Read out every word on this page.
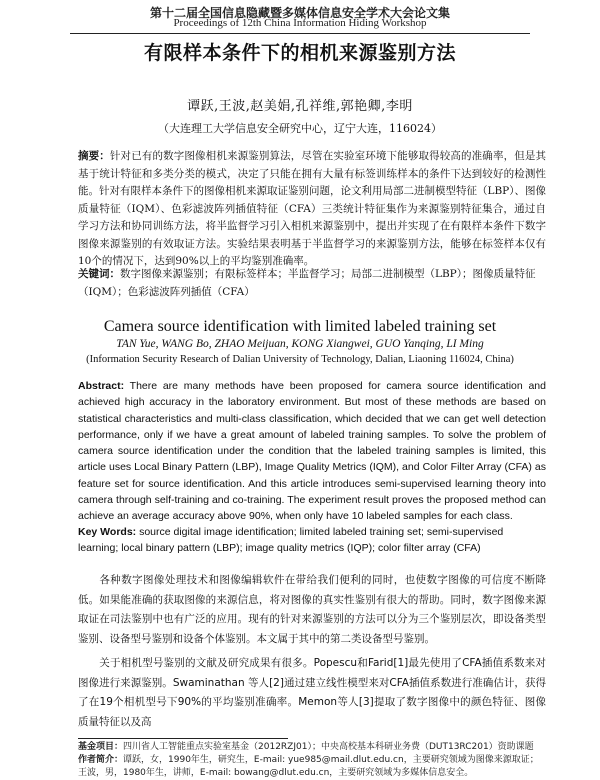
第十二届全国信息隐藏暨多媒体信息安全学术大会论文集
Proceedings of 12th China Information Hiding Workshop
有限样本条件下的相机来源鉴别方法
谭跃,王波,赵美娟,孔祥维,郭艳卿,李明
（大连理工大学信息安全研究中心，辽宁大连，116024）
摘要：针对已有的数字图像相机来源鉴别算法，尽管在实验室环境下能够取得较高的准确率，但是其基于统计特征和多类分类的模式，决定了只能在拥有大量有标签训练样本的条件下达到较好的检测性能。针对有限样本条件下的图像相机来源取证鉴别问题，论文利用局部二进制模型特征（LBP）、图像质量特征（IQM）、色彩滤波阵列插值特征（CFA）三类统计特征集作为来源鉴别特征集合，通过自学习方法和协同训练方法，将半监督学习引入相机来源鉴别中，提出并实现了在有限样本条件下数字图像来源鉴别的有效取证方法。实验结果表明基于半监督学习的来源鉴别方法，能够在标签样本仅有10个的情况下，达到90%以上的平均鉴别准确率。
关键词：数字图像来源鉴别；有限标签样本；半监督学习；局部二进制模型（LBP）；图像质量特征（IQM）；色彩滤波阵列插值（CFA）
Camera source identification with limited labeled training set
TAN Yue, WANG Bo, ZHAO Meijuan, KONG Xiangwei, GUO Yanqing, LI Ming
(Information Security Research of Dalian University of Technology, Dalian, Liaoning 116024, China)
Abstract: There are many methods have been proposed for camera source identification and achieved high accuracy in the laboratory environment. But most of these methods are based on statistical characteristics and multi-class classification, which decided that we can get well detection performance, only if we have a great amount of labeled training samples. To solve the problem of camera source identification under the condition that the labeled training samples is limited, this article uses Local Binary Pattern (LBP), Image Quality Metrics (IQM), and Color Filter Array (CFA) as feature set for source identification. And this article introduces semi-supervised learning theory into camera through self-training and co-training. The experiment result proves the proposed method can achieve an average accuracy above 90%, when only have 10 labeled samples for each class.
Key Words: source digital image identification; limited labeled training set; semi-supervised learning; local binary pattern (LBP); image quality metrics (IQP); color filter array (CFA)
各种数字图像处理技术和图像编辑软件在带给我们便利的同时，也使数字图像的可信度不断降低。如果能准确的获取图像的来源信息，将对图像的真实性鉴别有很大的帮助。同时，数字图像来源取证在司法鉴别中也有广泛的应用。现有的针对来源鉴别的方法可以分为三个鉴别层次，即设备类型鉴别、设备型号鉴别和设备个体鉴别。本文属于其中的第二类设备型号鉴别。
关于相机型号鉴别的文献及研究成果有很多。Popescu和Farid[1]最先使用了CFA插值系数来对图像进行来源鉴别。Swaminathan 等人[2]通过建立线性模型来对CFA插值系数进行准确估计，获得了在19个相机型号下90%的平均鉴别准确率。Memon等人[3]提取了数字图像中的颜色特征、图像质量特征以及高
基金项目：四川省人工智能重点实验室基金（2012RZJ01）；中央高校基本科研业务费（DUT13RC201）资助课题
作者简介：谭跃，女，1990年生，研究生，E-mail: yue985@mail.dlut.edu.cn，主要研究领域为图像来源取证；王波，男，1980年生，讲师，E-mail: bowang@dlut.edu.cn，主要研究领域为多媒体信息安全。
